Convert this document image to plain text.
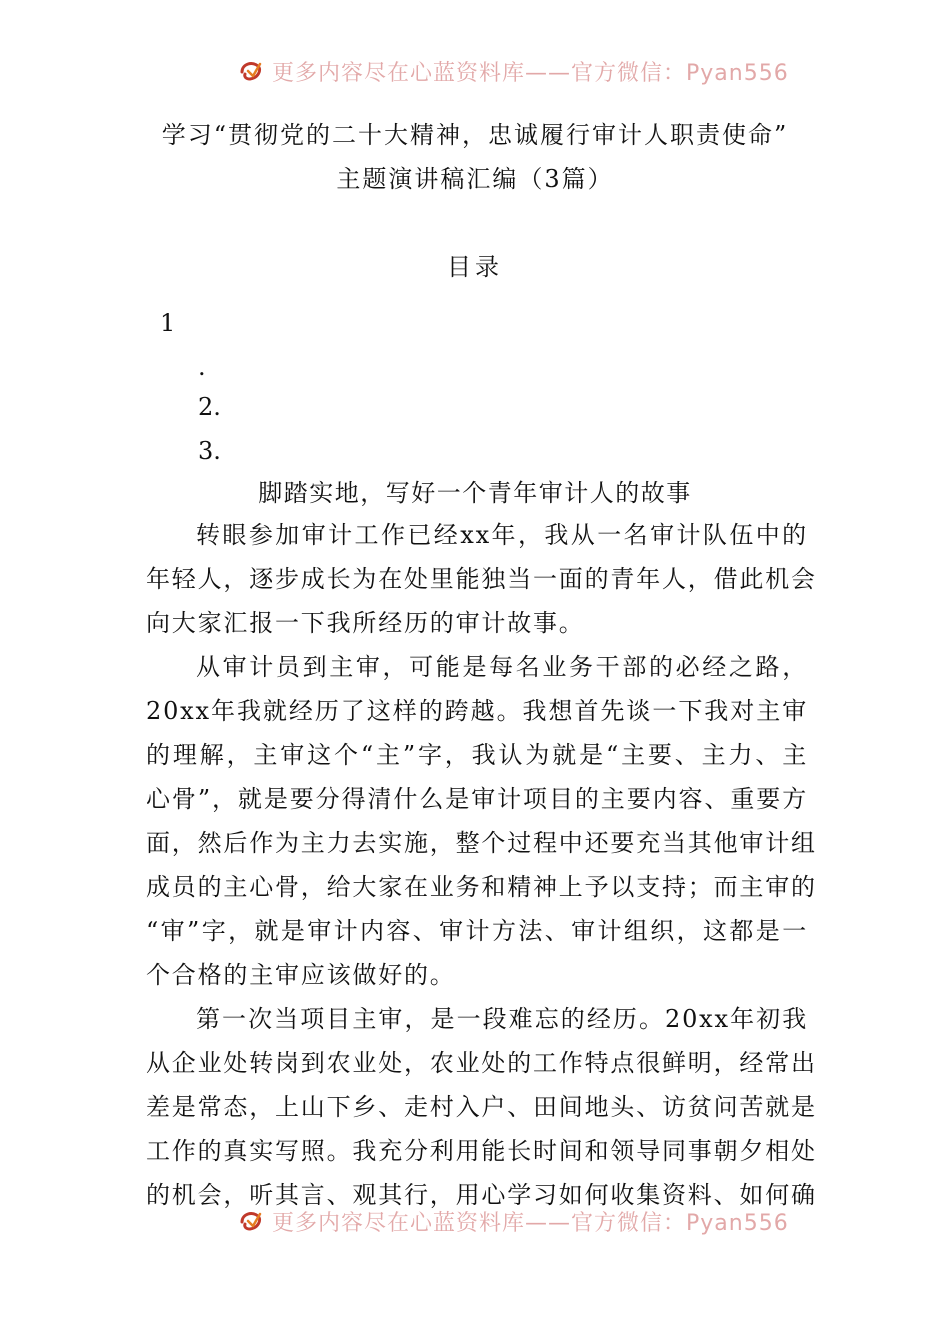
更多内容尽在心蓝资料库——官方微信：Pyan556
学习“贯彻党的二十大精神，忠诚履行审计人职责使命”
主题演讲稿汇编（3篇）
目录
1
.
2.
3.
脚踏实地，写好一个青年审计人的故事
转眼参加审计工作已经xx年，我从一名审计队伍中的
年轻人，逐步成长为在处里能独当一面的青年人，借此机会
向大家汇报一下我所经历的审计故事。
从审计员到主审，可能是每名业务干部的必经之路，
20xx年我就经历了这样的跨越。我想首先谈一下我对主审
的理解，主审这个“主”字，我认为就是“主要、主力、主
心骨”，就是要分得清什么是审计项目的主要内容、重要方
面，然后作为主力去实施，整个过程中还要充当其他审计组
成员的主心骨，给大家在业务和精神上予以支持；而主审的
“审”字，就是审计内容、审计方法、审计组织，这都是一
个合格的主审应该做好的。
第一次当项目主审，是一段难忘的经历。20xx年初我
从企业处转岗到农业处，农业处的工作特点很鲜明，经常出
差是常态，上山下乡、走村入户、田间地头、访贫问苦就是
工作的真实写照。我充分利用能长时间和领导同事朝夕相处
的机会，听其言、观其行，用心学习如何收集资料、如何确
更多内容尽在心蓝资料库——官方微信：Pyan556
